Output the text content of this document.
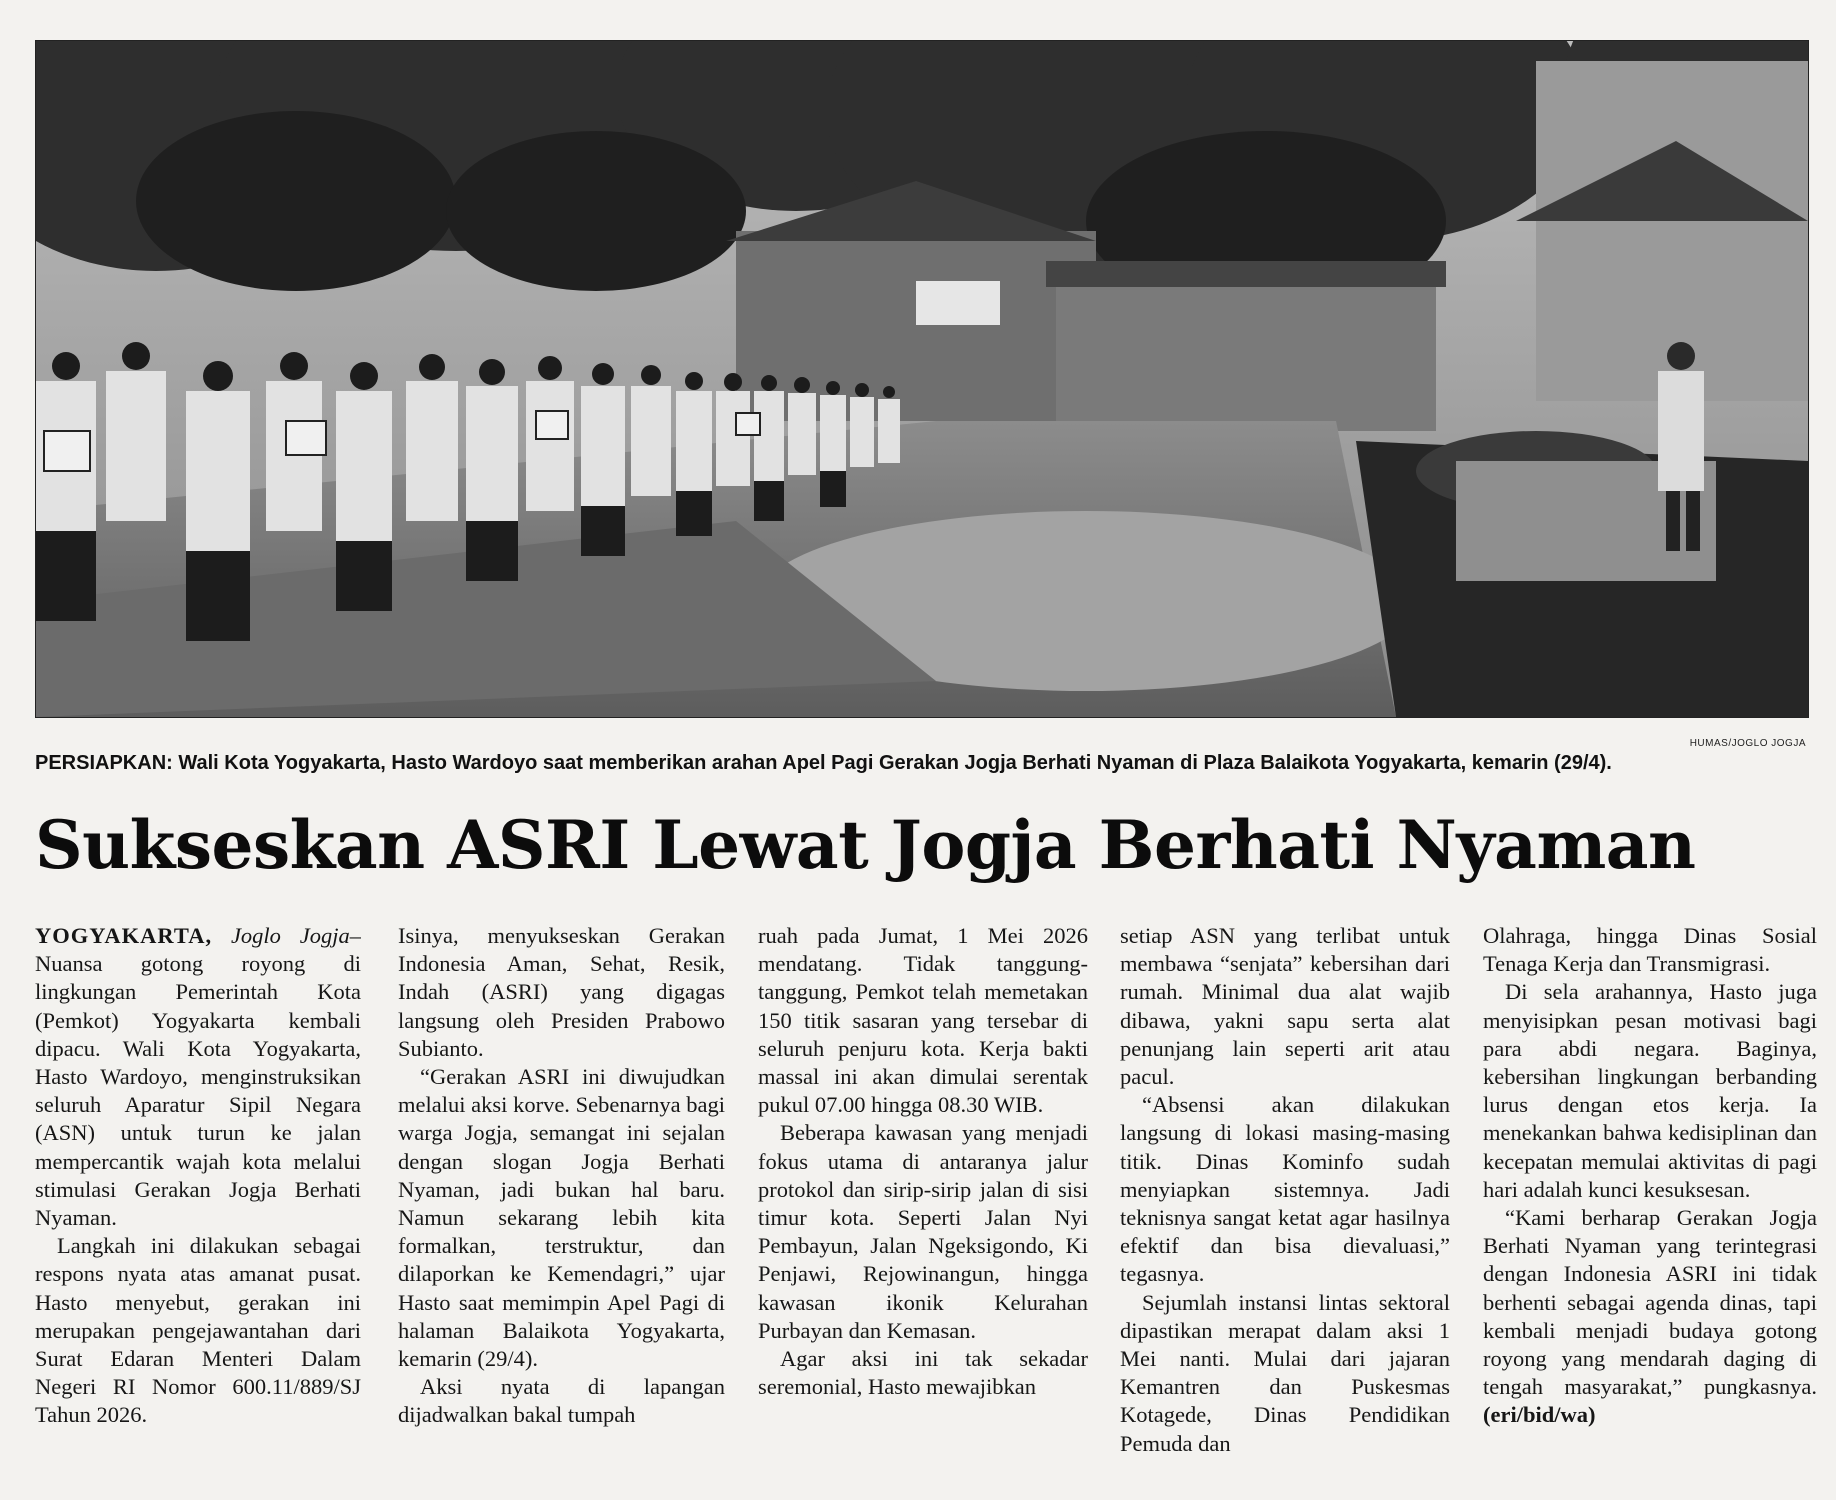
HUMAS/JOGLO JOGJA
PERSIAPKAN: Wali Kota Yogyakarta, Hasto Wardoyo saat memberikan arahan Apel Pagi Gerakan Jogja Berhati Nyaman di Plaza Balaikota Yogyakarta, kemarin (29/4).
Sukseskan ASRI Lewat Jogja Berhati Nyaman

YOGYAKARTA, Joglo Jogja– Nuansa gotong royong di lingkungan Pemerintah Kota (Pemkot) Yogyakarta kembali dipacu. Wali Kota Yogyakarta, Hasto Wardoyo, menginstruksikan seluruh Aparatur Sipil Negara (ASN) untuk turun ke jalan mempercantik wajah kota melalui stimulasi Gerakan Jogja Berhati Nyaman.

Langkah ini dilakukan sebagai respons nyata atas amanat pusat. Hasto menyebut, gerakan ini merupakan pengejawantahan dari Surat Edaran Menteri Dalam Negeri RI Nomor 600.11/889/SJ Tahun 2026.

Isinya, menyukseskan Gerakan Indonesia Aman, Sehat, Resik, Indah (ASRI) yang digagas langsung oleh Presiden Prabowo Subianto.

“Gerakan ASRI ini diwujudkan melalui aksi korve. Sebenarnya bagi warga Jogja, semangat ini sejalan dengan slogan Jogja Berhati Nyaman, jadi bukan hal baru. Namun sekarang lebih kita formalkan, terstruktur, dan dilaporkan ke Kemendagri,” ujar Hasto saat memimpin Apel Pagi di halaman Balaikota Yogyakarta, kemarin (29/4).

Aksi nyata di lapangan dijadwalkan bakal tumpah

ruah pada Jumat, 1 Mei 2026 mendatang. Tidak tanggung-tanggung, Pemkot telah memetakan 150 titik sasaran yang tersebar di seluruh penjuru kota. Kerja bakti massal ini akan dimulai serentak pukul 07.00 hingga 08.30 WIB.

Beberapa kawasan yang menjadi fokus utama di antaranya jalur protokol dan sirip-sirip jalan di sisi timur kota. Seperti Jalan Nyi Pembayun, Jalan Ngeksigondo, Ki Penjawi, Rejowinangun, hingga kawasan ikonik Kelurahan Purbayan dan Kemasan.

Agar aksi ini tak sekadar seremonial, Hasto mewajibkan

setiap ASN yang terlibat untuk membawa “senjata” kebersihan dari rumah. Minimal dua alat wajib dibawa, yakni sapu serta alat penunjang lain seperti arit atau pacul.

“Absensi akan dilakukan langsung di lokasi masing-masing titik. Dinas Kominfo sudah menyiapkan sistemnya. Jadi teknisnya sangat ketat agar hasilnya efektif dan bisa dievaluasi,” tegasnya.

Sejumlah instansi lintas sektoral dipastikan merapat dalam aksi 1 Mei nanti. Mulai dari jajaran Kemantren dan Puskesmas Kotagede, Dinas Pendidikan Pemuda dan

Olahraga, hingga Dinas Sosial Tenaga Kerja dan Transmigrasi.

Di sela arahannya, Hasto juga menyisipkan pesan motivasi bagi para abdi negara. Baginya, kebersihan lingkungan berbanding lurus dengan etos kerja. Ia menekankan bahwa kedisiplinan dan kecepatan memulai aktivitas di pagi hari adalah kunci kesuksesan.

“Kami berharap Gerakan Jogja Berhati Nyaman yang terintegrasi dengan Indonesia ASRI ini tidak berhenti sebagai agenda dinas, tapi kembali menjadi budaya gotong royong yang mendarah daging di tengah masyarakat,” pungkasnya. (eri/bid/wa)
